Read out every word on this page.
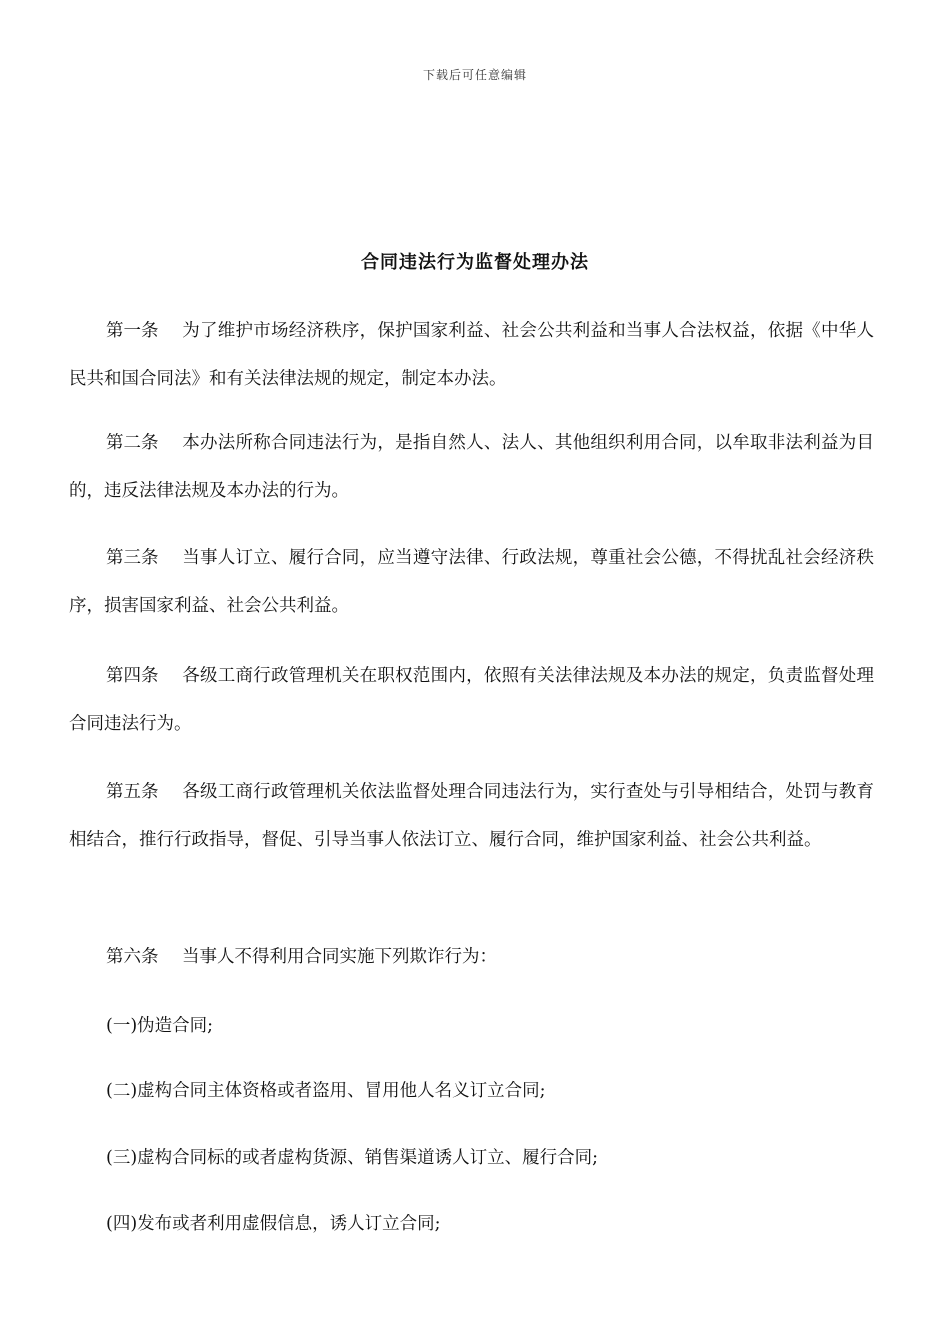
下载后可任意编辑
合同违法行为监督处理办法

第一条 为了维护市场经济秩序，保护国家利益、社会公共利益和当事人合法权益，依据《中华人民共和国合同法》和有关法律法规的规定，制定本办法。

第二条 本办法所称合同违法行为，是指自然人、法人、其他组织利用合同，以牟取非法利益为目的，违反法律法规及本办法的行为。

第三条 当事人订立、履行合同，应当遵守法律、行政法规，尊重社会公德，不得扰乱社会经济秩序，损害国家利益、社会公共利益。

第四条 各级工商行政管理机关在职权范围内，依照有关法律法规及本办法的规定，负责监督处理合同违法行为。

第五条 各级工商行政管理机关依法监督处理合同违法行为，实行查处与引导相结合，处罚与教育相结合，推行行政指导，督促、引导当事人依法订立、履行合同，维护国家利益、社会公共利益。

第六条 当事人不得利用合同实施下列欺诈行为：

(一)伪造合同;

(二)虚构合同主体资格或者盗用、冒用他人名义订立合同;

(三)虚构合同标的或者虚构货源、销售渠道诱人订立、履行合同;

(四)发布或者利用虚假信息，诱人订立合同;
